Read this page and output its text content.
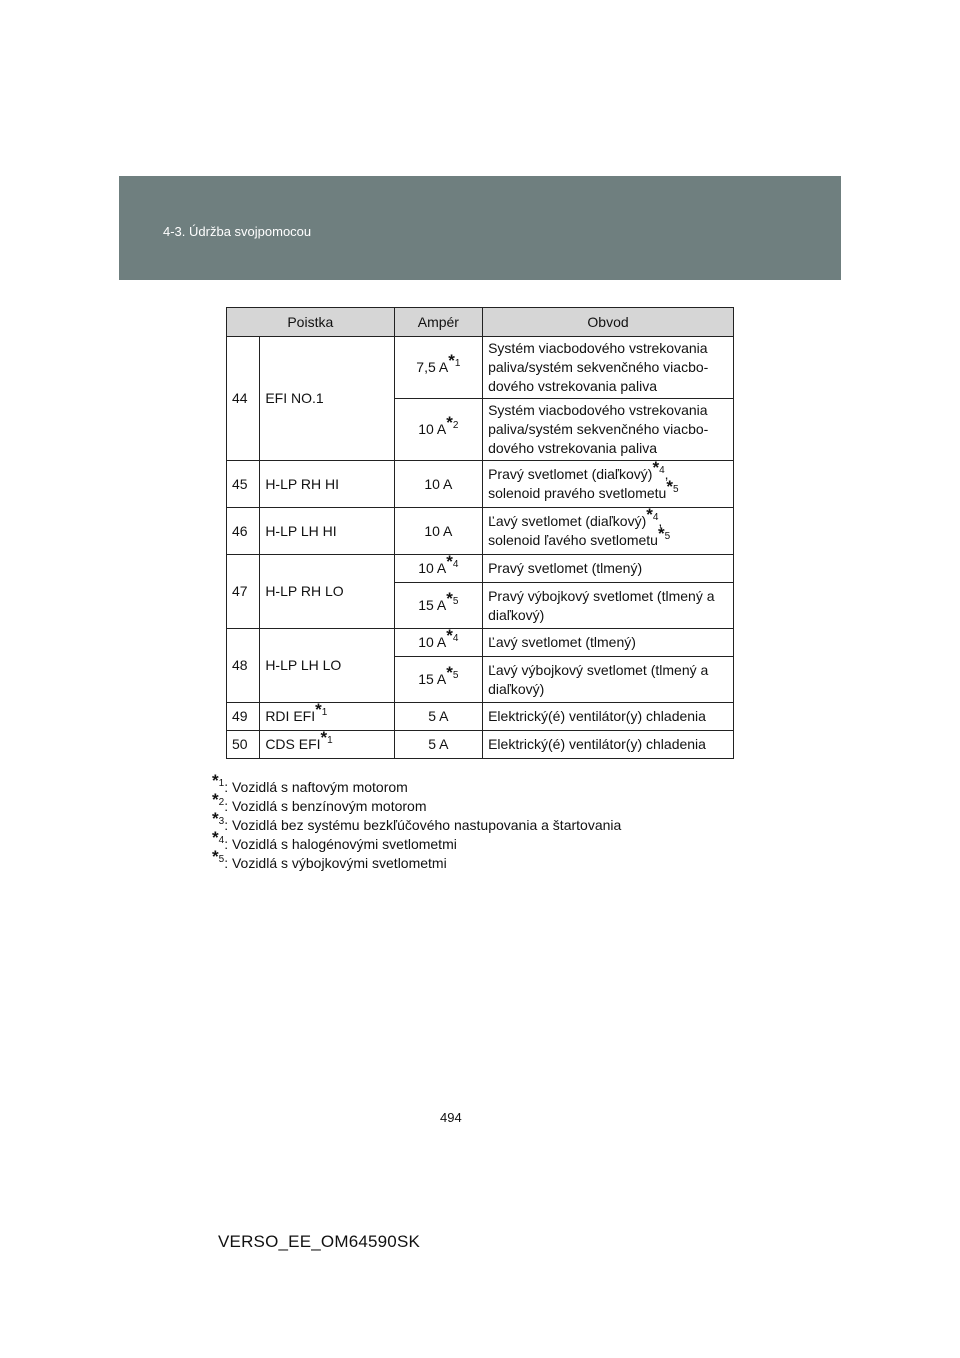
4-3. Údržba svojpomocou
Poistka		Ampér	Obvod
44	EFI NO.1	7,5 A$^{*1}$	Systém viacbodového vstrekovania paliva/systém sekvenčného viacbo-dového vstrekovania paliva
		10 A$^{*2}$	Systém viacbodového vstrekovania paliva/systém sekvenčného viacbo-dového vstrekovania paliva
45	H-LP RH HI	10 A	Pravý svetlomet (diaľkový)$^{*4}$,
solenoid pravého svetlometu$^{*5}$
46	H-LP LH HI	10 A	Ľavý svetlomet (diaľkový)$^{*4}$,
solenoid ľavého svetlometu$^{*5}$
47	H-LP RH LO	10 A$^{*4}$	Pravý svetlomet (tlmený)
		15 A$^{*5}$	Pravý výbojkový svetlomet (tlmený a diaľkový)
48	H-LP LH LO	10 A$^{*4}$	Ľavý svetlomet (tlmený)
		15 A$^{*5}$	Ľavý výbojkový svetlomet (tlmený a diaľkový)
49	RDI EFI$^{*1}$	5 A	Elektrický(é) ventilátor(y) chladenia
50	CDS EFI$^{*1}$	5 A	Elektrický(é) ventilátor(y) chladenia
$^{*1}$: Vozidlá s naftovým motorom
$^{*2}$: Vozidlá s benzínovým motorom
$^{*3}$: Vozidlá bez systému bezkľúčového nastupovania a štartovania
$^{*4}$: Vozidlá s halogénovými svetlometmi
$^{*5}$: Vozidlá s výbojkovými svetlometmi
494
VERSO_EE_OM64590SK
